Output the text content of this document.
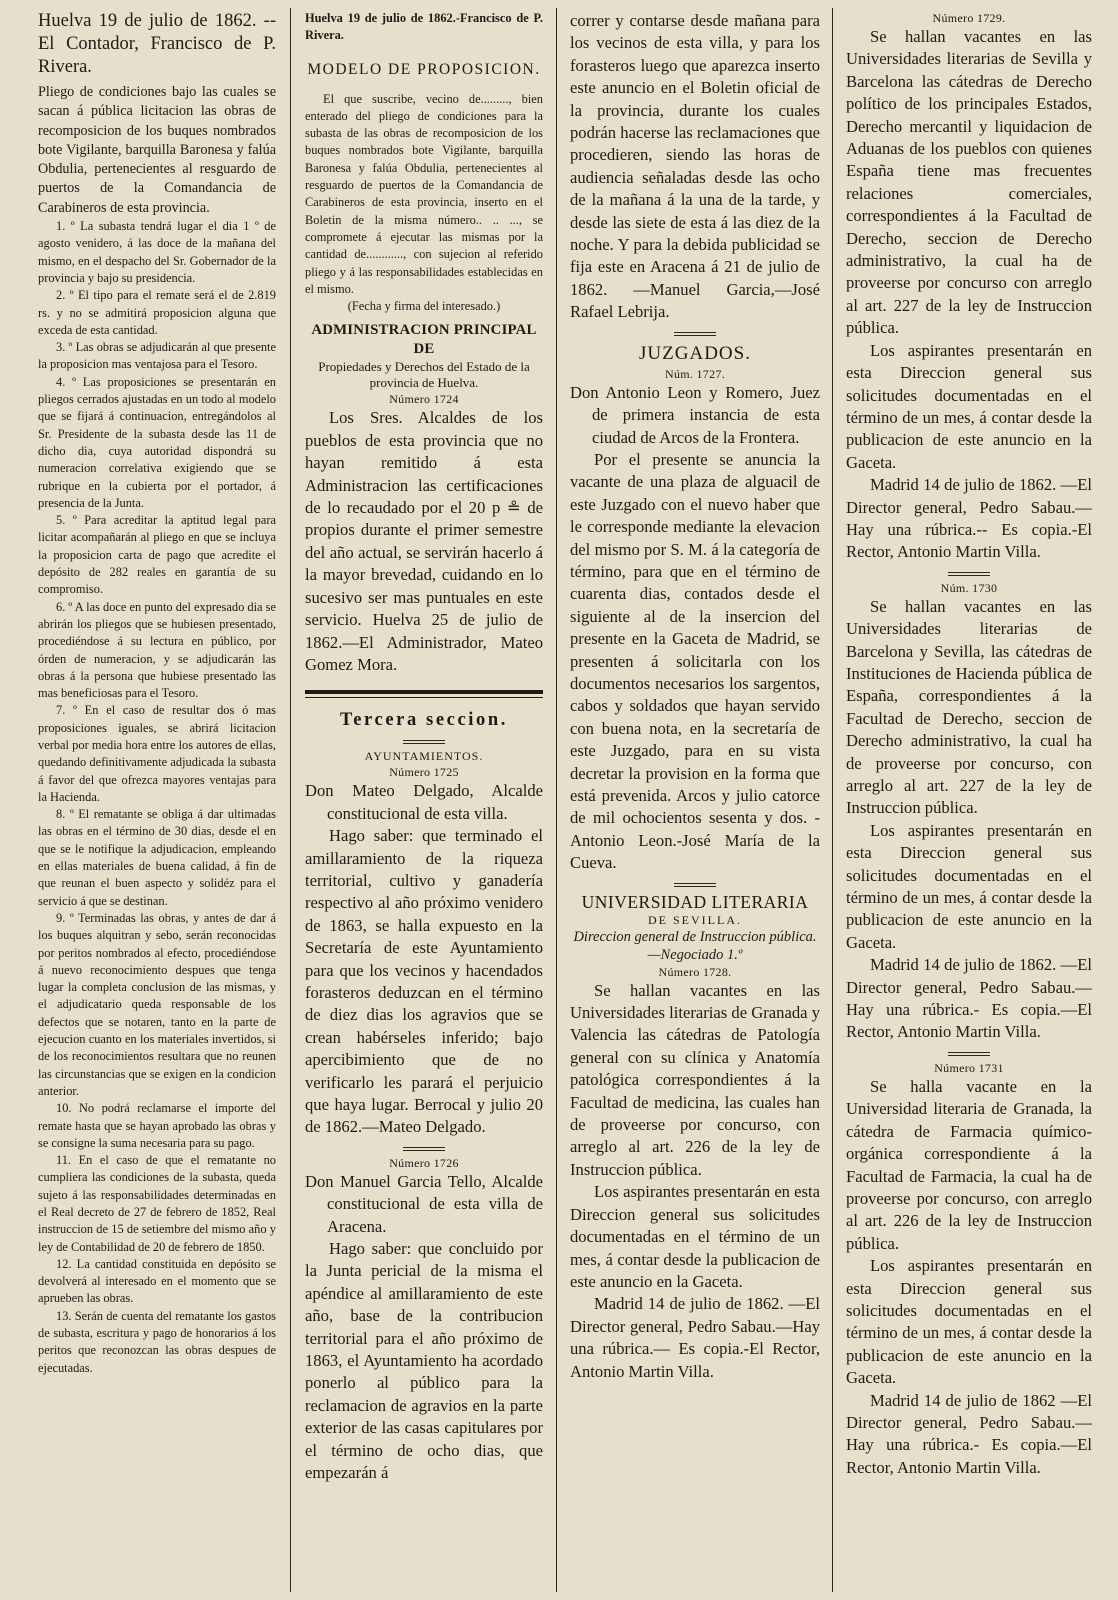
Huelva 19 de julio de 1862. --El Contador, Francisco de P. Rivera.

Pliego de condiciones bajo las cuales se sacan á pública licitacion las obras de recomposicion de los buques nombrados bote Vigilante, barquilla Baronesa y falúa Obdulia, pertenecientes al resguardo de puertos de la Comandancia de Carabineros de esta provincia.

1. º La subasta tendrá lugar el dia 1 º de agosto venidero, á las doce de la mañana del mismo, en el despacho del Sr. Gobernador de la provincia y bajo su presidencia.

2. º El tipo para el remate será el de 2.819 rs. y no se admitirá proposicion alguna que exceda de esta cantidad.

3. º Las obras se adjudicarán al que presente la proposicion mas ventajosa para el Tesoro.

4. º Las proposiciones se presentarán en pliegos cerrados ajustadas en un todo al modelo que se fijará á continuacion, entregándolos al Sr. Presidente de la subasta desde las 11 de dicho dia, cuya autoridad dispondrá su numeracion correlativa exigiendo que se rubrique en la cubierta por el portador, á presencia de la Junta.

5. º Para acreditar la aptitud legal para licitar acompañarán al pliego en que se incluya la proposicion carta de pago que acredite el depósito de 282 reales en garantía de su compromiso.

6. º A las doce en punto del expresado dia se abrirán los pliegos que se hubiesen presentado, procediéndose á su lectura en público, por órden de numeracion, y se adjudicarán las obras á la persona que hubiese presentado las mas beneficiosas para el Tesoro.

7. º En el caso de resultar dos ó mas proposiciones iguales, se abrirá licitacion verbal por media hora entre los autores de ellas, quedando definitivamente adjudicada la subasta á favor del que ofrezca mayores ventajas para la Hacienda.

8. º El rematante se obliga á dar ultimadas las obras en el término de 30 dias, desde el en que se le notifique la adjudicacion, empleando en ellas materiales de buena calidad, á fin de que reunan el buen aspecto y solidéz para el servicio á que se destinan.

9. º Terminadas las obras, y antes de dar á los buques alquitran y sebo, serán reconocidas por peritos nombrados al efecto, procediéndose á nuevo reconocimiento despues que tenga lugar la completa conclusion de las mismas, y el adjudicatario queda responsable de los defectos que se notaren, tanto en la parte de ejecucion cuanto en los materiales invertidos, si de los reconocimientos resultara que no reunen las circunstancias que se exigen en la condicion anterior.

10. No podrá reclamarse el importe del remate hasta que se hayan aprobado las obras y se consigne la suma necesaria para su pago.

11. En el caso de que el rematante no cumpliera las condiciones de la subasta, queda sujeto á las responsabilidades determinadas en el Real decreto de 27 de febrero de 1852, Real instruccion de 15 de setiembre del mismo año y ley de Contabilidad de 20 de febrero de 1850.

12. La cantidad constituida en depósito se devolverá al interesado en el momento que se aprueben las obras.

13. Serán de cuenta del rematante los gastos de subasta, escritura y pago de honorarios á los peritos que reconozcan las obras despues de ejecutadas.

Huelva 19 de julio de 1862.-Francisco de P. Rivera.

MODELO DE PROPOSICION.

El que suscribe, vecino de........., bien enterado del pliego de condiciones para la subasta de las obras de recomposicion de los buques nombrados bote Vigilante, barquilla Baronesa y falúa Obdulia, pertenecientes al resguardo de puertos de la Comandancia de Carabineros de esta provincia, inserto en el Boletin de la misma número.. .. ..., se compromete á ejecutar las mismas por la cantidad de............, con sujecion al referido pliego y á las responsabilidades establecidas en el mismo.

(Fecha y firma del interesado.)

ADMINISTRACION PRINCIPAL DE
Propiedades y Derechos del Estado de la provincia de Huelva.
Número 1724

Los Sres. Alcaldes de los pueblos de esta provincia que no hayan remitido á esta Administracion las certificaciones de lo recaudado por el 20 p ≗ de propios durante el primer semestre del año actual, se servirán hacerlo á la mayor brevedad, cuidando en lo sucesivo ser mas puntuales en este servicio. Huelva 25 de julio de 1862.—El Administrador, Mateo Gomez Mora.

Tercera seccion.
AYUNTAMIENTOS.
Número 1725

Don Mateo Delgado, Alcalde constitucional de esta villa.

Hago saber: que terminado el amillaramiento de la riqueza territorial, cultivo y ganadería respectivo al año próximo venidero de 1863, se halla expuesto en la Secretaría de este Ayuntamiento para que los vecinos y hacendados forasteros deduzcan en el término de diez dias los agravios que se crean habérseles inferido; bajo apercibimiento que de no verificarlo les parará el perjuicio que haya lugar. Berrocal y julio 20 de 1862.—Mateo Delgado.

Número 1726

Don Manuel Garcia Tello, Alcalde constitucional de esta villa de Aracena.

Hago saber: que concluido por la Junta pericial de la misma el apéndice al amillaramiento de este año, base de la contribucion territorial para el año próximo de 1863, el Ayuntamiento ha acordado ponerlo al público para la reclamacion de agravios en la parte exterior de las casas capitulares por el término de ocho dias, que empezarán á

correr y contarse desde mañana para los vecinos de esta villa, y para los forasteros luego que aparezca inserto este anuncio en el Boletin oficial de la provincia, durante los cuales podrán hacerse las reclamaciones que procedieren, siendo las horas de audiencia señaladas desde las ocho de la mañana á la una de la tarde, y desde las siete de esta á las diez de la noche. Y para la debida publicidad se fija este en Aracena á 21 de julio de 1862. —Manuel Garcia,—José Rafael Lebrija.

JUZGADOS.
Núm. 1727.

Don Antonio Leon y Romero, Juez de primera instancia de esta ciudad de Arcos de la Frontera.

Por el presente se anuncia la vacante de una plaza de alguacil de este Juzgado con el nuevo haber que le corresponde mediante la elevacion del mismo por S. M. á la categoría de término, para que en el término de cuarenta dias, contados desde el siguiente al de la insercion del presente en la Gaceta de Madrid, se presenten á solicitarla con los documentos necesarios los sargentos, cabos y soldados que hayan servido con buena nota, en la secretaría de este Juzgado, para en su vista decretar la provision en la forma que está prevenida. Arcos y julio catorce de mil ochocientos sesenta y dos. -Antonio Leon.-José María de la Cueva.

UNIVERSIDAD LITERARIA
DE SEVILLA.
Direccion general de Instruccion pública.—Negociado 1.º
Número 1728.

Se hallan vacantes en las Universidades literarias de Granada y Valencia las cátedras de Patología general con su clínica y Anatomía patológica correspondientes á la Facultad de medicina, las cuales han de proveerse por concurso, con arreglo al art. 226 de la ley de Instruccion pública.

Los aspirantes presentarán en esta Direccion general sus solicitudes documentadas en el término de un mes, á contar desde la publicacion de este anuncio en la Gaceta.

Madrid 14 de julio de 1862. —El Director general, Pedro Sabau.—Hay una rúbrica.— Es copia.-El Rector, Antonio Martin Villa.

Número 1729.

Se hallan vacantes en las Universidades literarias de Sevilla y Barcelona las cátedras de Derecho político de los principales Estados, Derecho mercantil y liquidacion de Aduanas de los pueblos con quienes España tiene mas frecuentes relaciones comerciales, correspondientes á la Facultad de Derecho, seccion de Derecho administrativo, la cual ha de proveerse por concurso con arreglo al art. 227 de la ley de Instruccion pública.

Los aspirantes presentarán en esta Direccion general sus solicitudes documentadas en el término de un mes, á contar desde la publicacion de este anuncio en la Gaceta.

Madrid 14 de julio de 1862. —El Director general, Pedro Sabau.—Hay una rúbrica.-- Es copia.-El Rector, Antonio Martin Villa.

Núm. 1730

Se hallan vacantes en las Universidades literarias de Barcelona y Sevilla, las cátedras de Instituciones de Hacienda pública de España, correspondientes á la Facultad de Derecho, seccion de Derecho administrativo, la cual ha de proveerse por concurso, con arreglo al art. 227 de la ley de Instruccion pública.

Los aspirantes presentarán en esta Direccion general sus solicitudes documentadas en el término de un mes, á contar desde la publicacion de este anuncio en la Gaceta.

Madrid 14 de julio de 1862. —El Director general, Pedro Sabau.—Hay una rúbrica.- Es copia.—El Rector, Antonio Martin Villa.

Número 1731

Se halla vacante en la Universidad literaria de Granada, la cátedra de Farmacia químico-orgánica correspondiente á la Facultad de Farmacia, la cual ha de proveerse por concurso, con arreglo al art. 226 de la ley de Instruccion pública.

Los aspirantes presentarán en esta Direccion general sus solicitudes documentadas en el término de un mes, á contar desde la publicacion de este anuncio en la Gaceta.

Madrid 14 de julio de 1862 —El Director general, Pedro Sabau.—Hay una rúbrica.- Es copia.—El Rector, Antonio Martin Villa.
